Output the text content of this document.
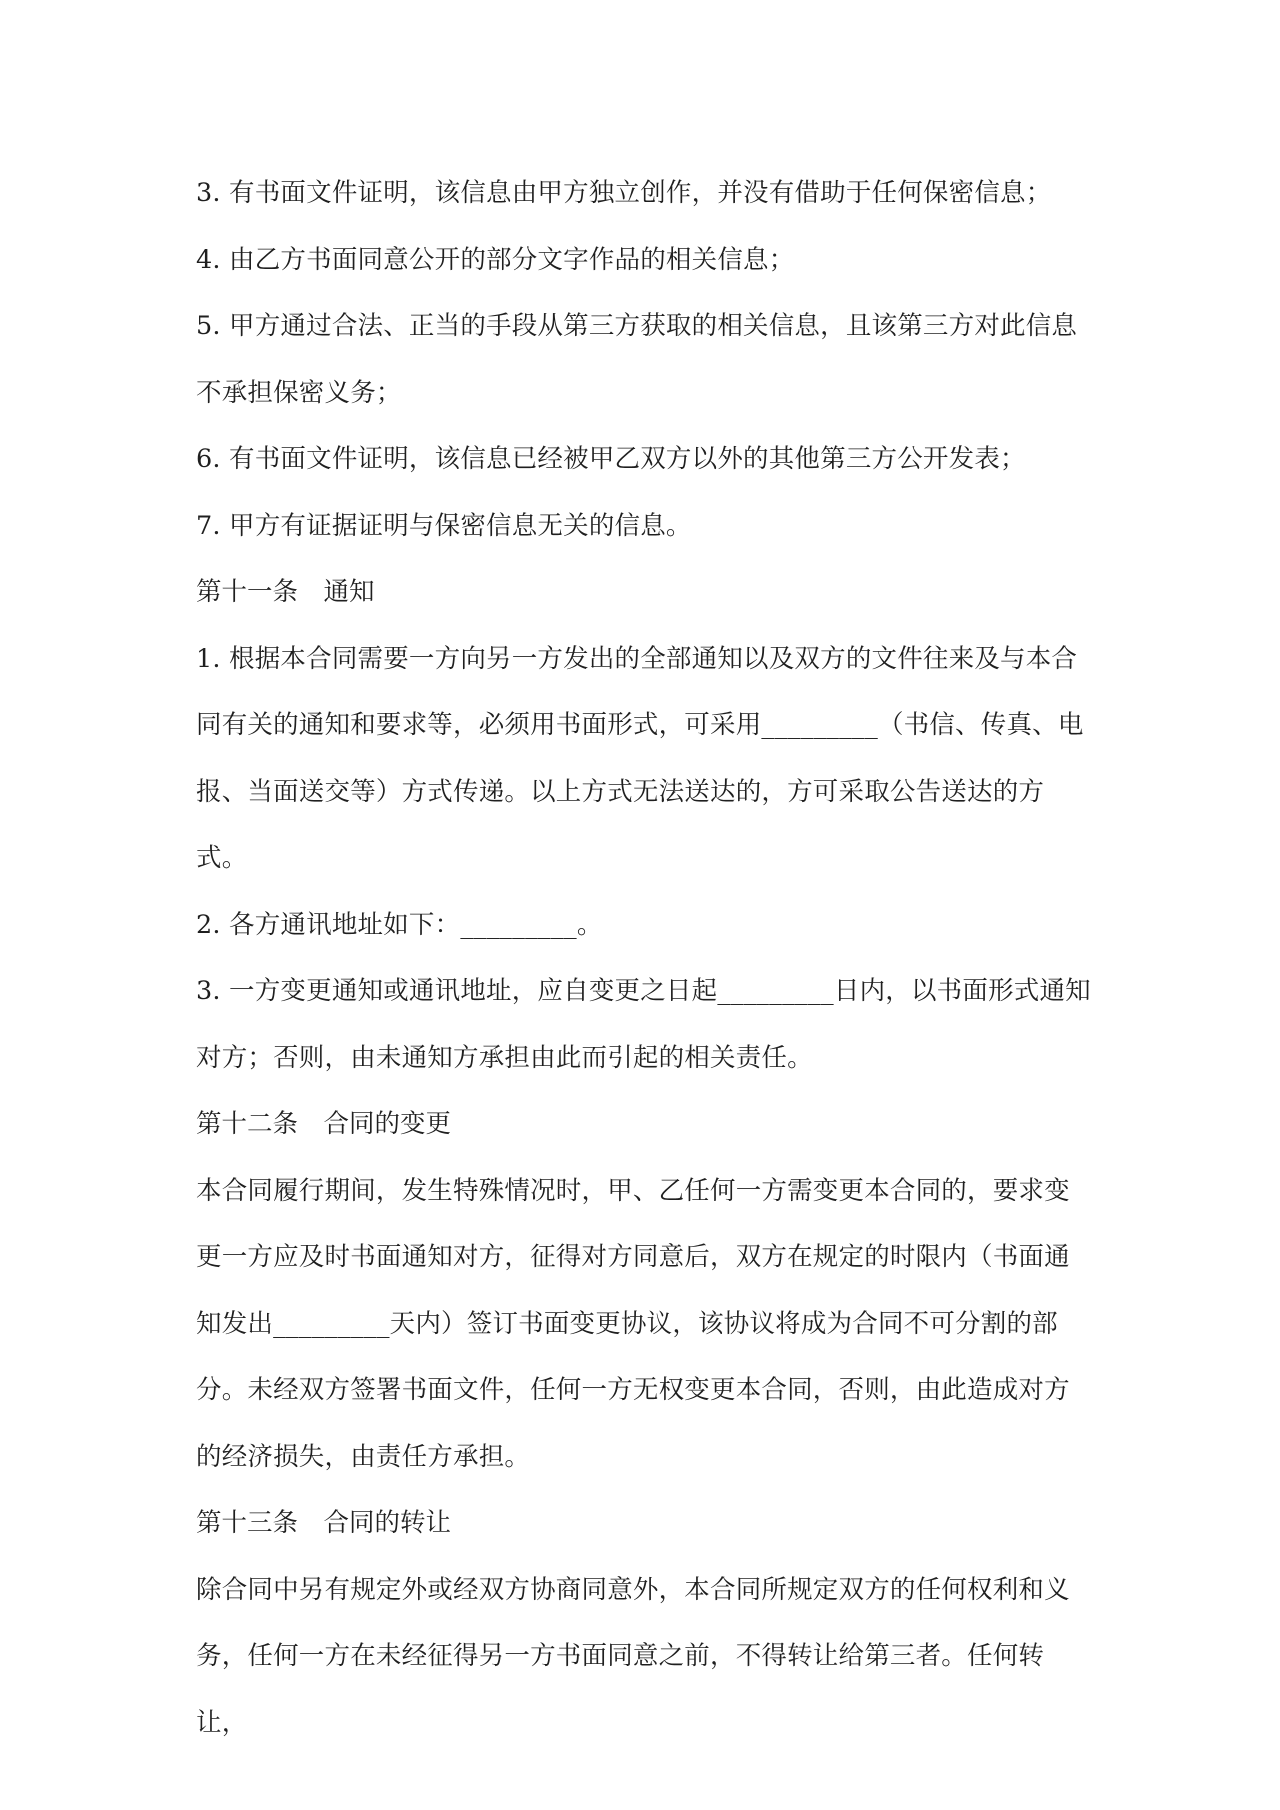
3. 有书面文件证明，该信息由甲方独立创作，并没有借助于任何保密信息；

4. 由乙方书面同意公开的部分文字作品的相关信息；

5. 甲方通过合法、正当的手段从第三方获取的相关信息，且该第三方对此信息不承担保密义务；

6. 有书面文件证明，该信息已经被甲乙双方以外的其他第三方公开发表；

7. 甲方有证据证明与保密信息无关的信息。

第十一条　通知

1. 根据本合同需要一方向另一方发出的全部通知以及双方的文件往来及与本合同有关的通知和要求等，必须用书面形式，可采用_________（书信、传真、电报、当面送交等）方式传递。以上方式无法送达的，方可采取公告送达的方式。

2. 各方通讯地址如下：_________。

3. 一方变更通知或通讯地址，应自变更之日起_________日内，以书面形式通知对方；否则，由未通知方承担由此而引起的相关责任。

第十二条　合同的变更

本合同履行期间，发生特殊情况时，甲、乙任何一方需变更本合同的，要求变更一方应及时书面通知对方，征得对方同意后，双方在规定的时限内（书面通知发出_________天内）签订书面变更协议，该协议将成为合同不可分割的部分。未经双方签署书面文件，任何一方无权变更本合同，否则，由此造成对方的经济损失，由责任方承担。

第十三条　合同的转让

除合同中另有规定外或经双方协商同意外，本合同所规定双方的任何权利和义务，任何一方在未经征得另一方书面同意之前，不得转让给第三者。任何转让，
